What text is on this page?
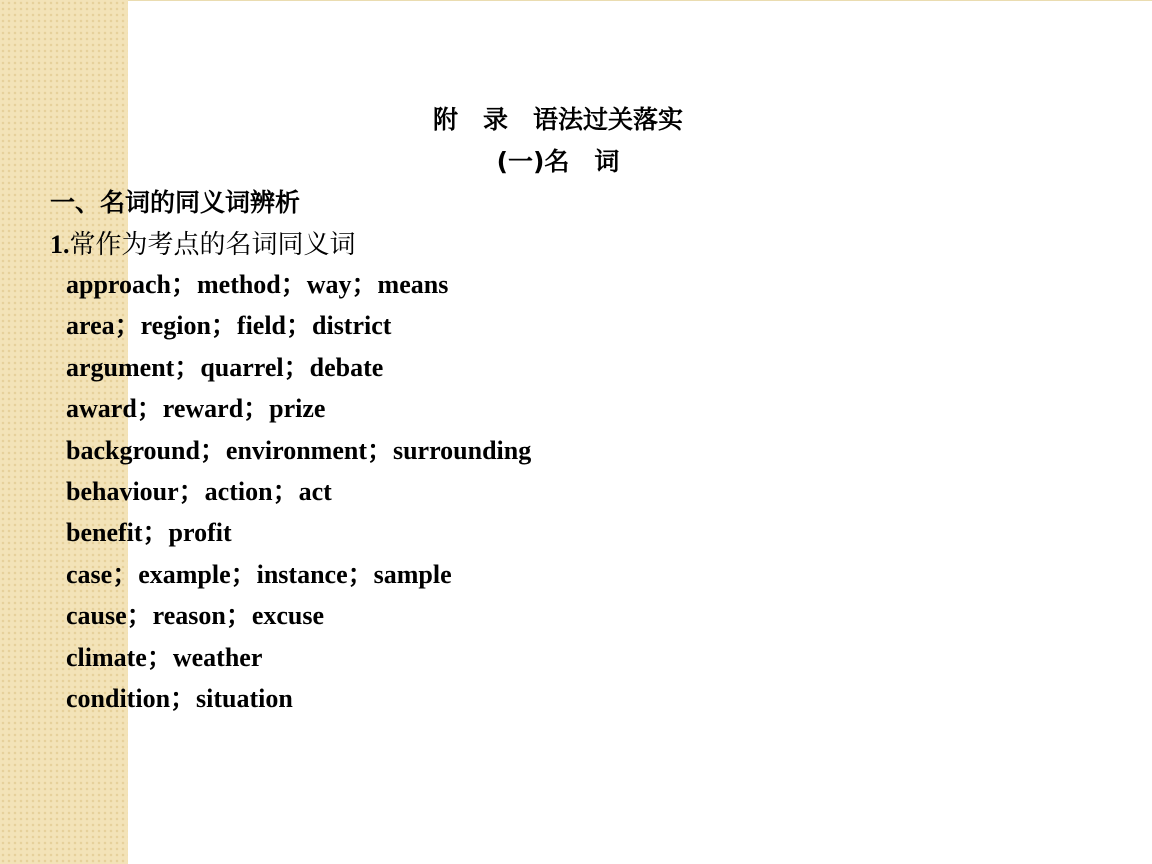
附　录　语法过关落实
(一)名　词
一、名词的同义词辨析
1.常作为考点的名词同义词
approach；method；way；means
area；region；field；district
argument；quarrel；debate
award；reward；prize
background；environment；surrounding
behaviour；action；act
benefit；profit
case；example；instance；sample
cause；reason；excuse
climate；weather
condition；situation
